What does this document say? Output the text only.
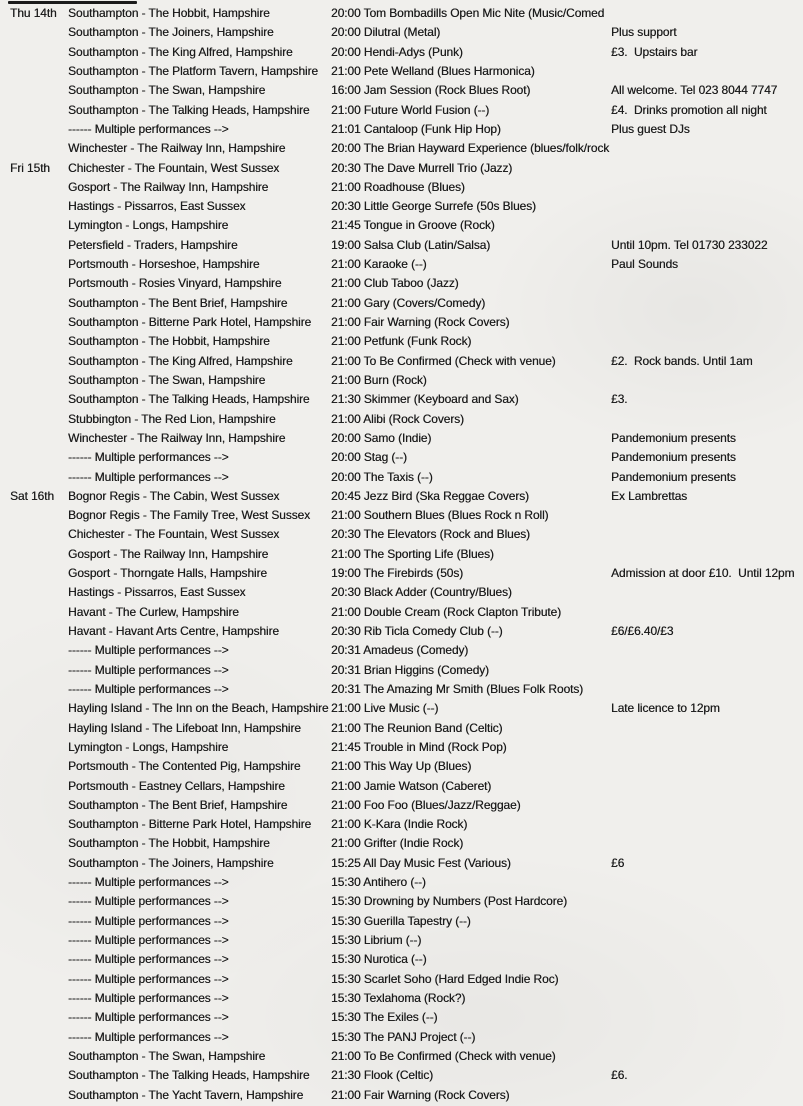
Thu 14th Southampton - The Hobbit, Hampshire	20:00 Tom Bombadills Open Mic Nite (Music/Comed
Southampton - The Joiners, Hampshire	20:00 Dilutral (Metal)	Plus support
Southampton - The King Alfred, Hampshire	20:00 Hendi-Adys (Punk)	£3.  Upstairs bar
Southampton - The Platform Tavern, Hampshire	21:00 Pete Welland (Blues Harmonica)
Southampton - The Swan, Hampshire	16:00 Jam Session (Rock Blues Root)	All welcome. Tel 023 8044 7747
Southampton - The Talking Heads, Hampshire	21:00 Future World Fusion (--)	£4.  Drinks promotion all night
------ Multiple performances -->	21:01 Cantaloop (Funk Hip Hop)	Plus guest DJs
Winchester - The Railway Inn, Hampshire	20:00 The Brian Hayward Experience (blues/folk/rock
Fri 15th	Chichester - The Fountain, West Sussex	20:30 The Dave Murrell Trio (Jazz)
Gosport - The Railway Inn, Hampshire	21:00 Roadhouse (Blues)
Hastings - Pissarros, East Sussex	20:30 Little George Surrefe (50s Blues)
Lymington - Longs, Hampshire	21:45 Tongue in Groove (Rock)
Petersfield - Traders, Hampshire	19:00 Salsa Club (Latin/Salsa)	Until 10pm. Tel 01730 233022
Portsmouth - Horseshoe, Hampshire	21:00 Karaoke (--)	Paul Sounds
Portsmouth - Rosies Vinyard, Hampshire	21:00 Club Taboo (Jazz)
Southampton - The Bent Brief, Hampshire	21:00 Gary (Covers/Comedy)
Southampton - Bitterne Park Hotel, Hampshire	21:00 Fair Warning (Rock Covers)
Southampton - The Hobbit, Hampshire	21:00 Petfunk (Funk Rock)
Southampton - The King Alfred, Hampshire	21:00 To Be Confirmed (Check with venue)	£2.  Rock bands. Until 1am
Southampton - The Swan, Hampshire	21:00 Burn (Rock)
Southampton - The Talking Heads, Hampshire	21:30 Skimmer (Keyboard and Sax)	£3.
Stubbington - The Red Lion, Hampshire	21:00 Alibi (Rock Covers)
Winchester - The Railway Inn, Hampshire	20:00 Samo (Indie)	Pandemonium presents
------ Multiple performances -->	20:00 Stag (--)	Pandemonium presents
------ Multiple performances -->	20:00 The Taxis (--)	Pandemonium presents
Sat 16th	Bognor Regis - The Cabin, West Sussex	20:45 Jezz Bird (Ska Reggae Covers)	Ex Lambrettas
Bognor Regis - The Family Tree, West Sussex	21:00 Southern Blues (Blues Rock n Roll)
Chichester - The Fountain, West Sussex	20:30 The Elevators (Rock and Blues)
Gosport - The Railway Inn, Hampshire	21:00 The Sporting Life (Blues)
Gosport - Thorngate Halls, Hampshire	19:00 The Firebirds (50s)	Admission at door £10.  Until 12pm
Hastings - Pissarros, East Sussex	20:30 Black Adder (Country/Blues)
Havant - The Curlew, Hampshire	21:00 Double Cream (Rock Clapton Tribute)
Havant - Havant Arts Centre, Hampshire	20:30 Rib Ticla Comedy Club (--)	£6/£6.40/£3
------ Multiple performances -->	20:31 Amadeus (Comedy)
------ Multiple performances -->	20:31 Brian Higgins (Comedy)
------ Multiple performances -->	20:31 The Amazing Mr Smith (Blues Folk Roots)
Hayling Island - The Inn on the Beach, Hampshire 21:00 Live Music (--)	Late licence to 12pm
Hayling Island - The Lifeboat Inn, Hampshire	21:00 The Reunion Band (Celtic)
Lymington - Longs, Hampshire	21:45 Trouble in Mind (Rock Pop)
Portsmouth - The Contented Pig, Hampshire	21:00 This Way Up (Blues)
Portsmouth - Eastney Cellars, Hampshire	21:00 Jamie Watson (Caberet)
Southampton - The Bent Brief, Hampshire	21:00 Foo Foo (Blues/Jazz/Reggae)
Southampton - Bitterne Park Hotel, Hampshire	21:00 K-Kara (Indie Rock)
Southampton - The Hobbit, Hampshire	21:00 Grifter (Indie Rock)
Southampton - The Joiners, Hampshire	15:25 All Day Music Fest (Various)	£6
------ Multiple performances -->	15:30 Antihero (--)
------ Multiple performances -->	15:30 Drowning by Numbers (Post Hardcore)
------ Multiple performances -->	15:30 Guerilla Tapestry (--)
------ Multiple performances -->	15:30 Librium (--)
------ Multiple performances -->	15:30 Nurotica (--)
------ Multiple performances -->	15:30 Scarlet Soho (Hard Edged Indie Roc)
------ Multiple performances -->	15:30 Texlahoma (Rock?)
------ Multiple performances -->	15:30 The Exiles (--)
------ Multiple performances -->	15:30 The PANJ Project (--)
Southampton - The Swan, Hampshire	21:00 To Be Confirmed (Check with venue)
Southampton - The Talking Heads, Hampshire	21:30 Flook (Celtic)	£6.
Southampton - The Yacht Tavern, Hampshire	21:00 Fair Warning (Rock Covers)
